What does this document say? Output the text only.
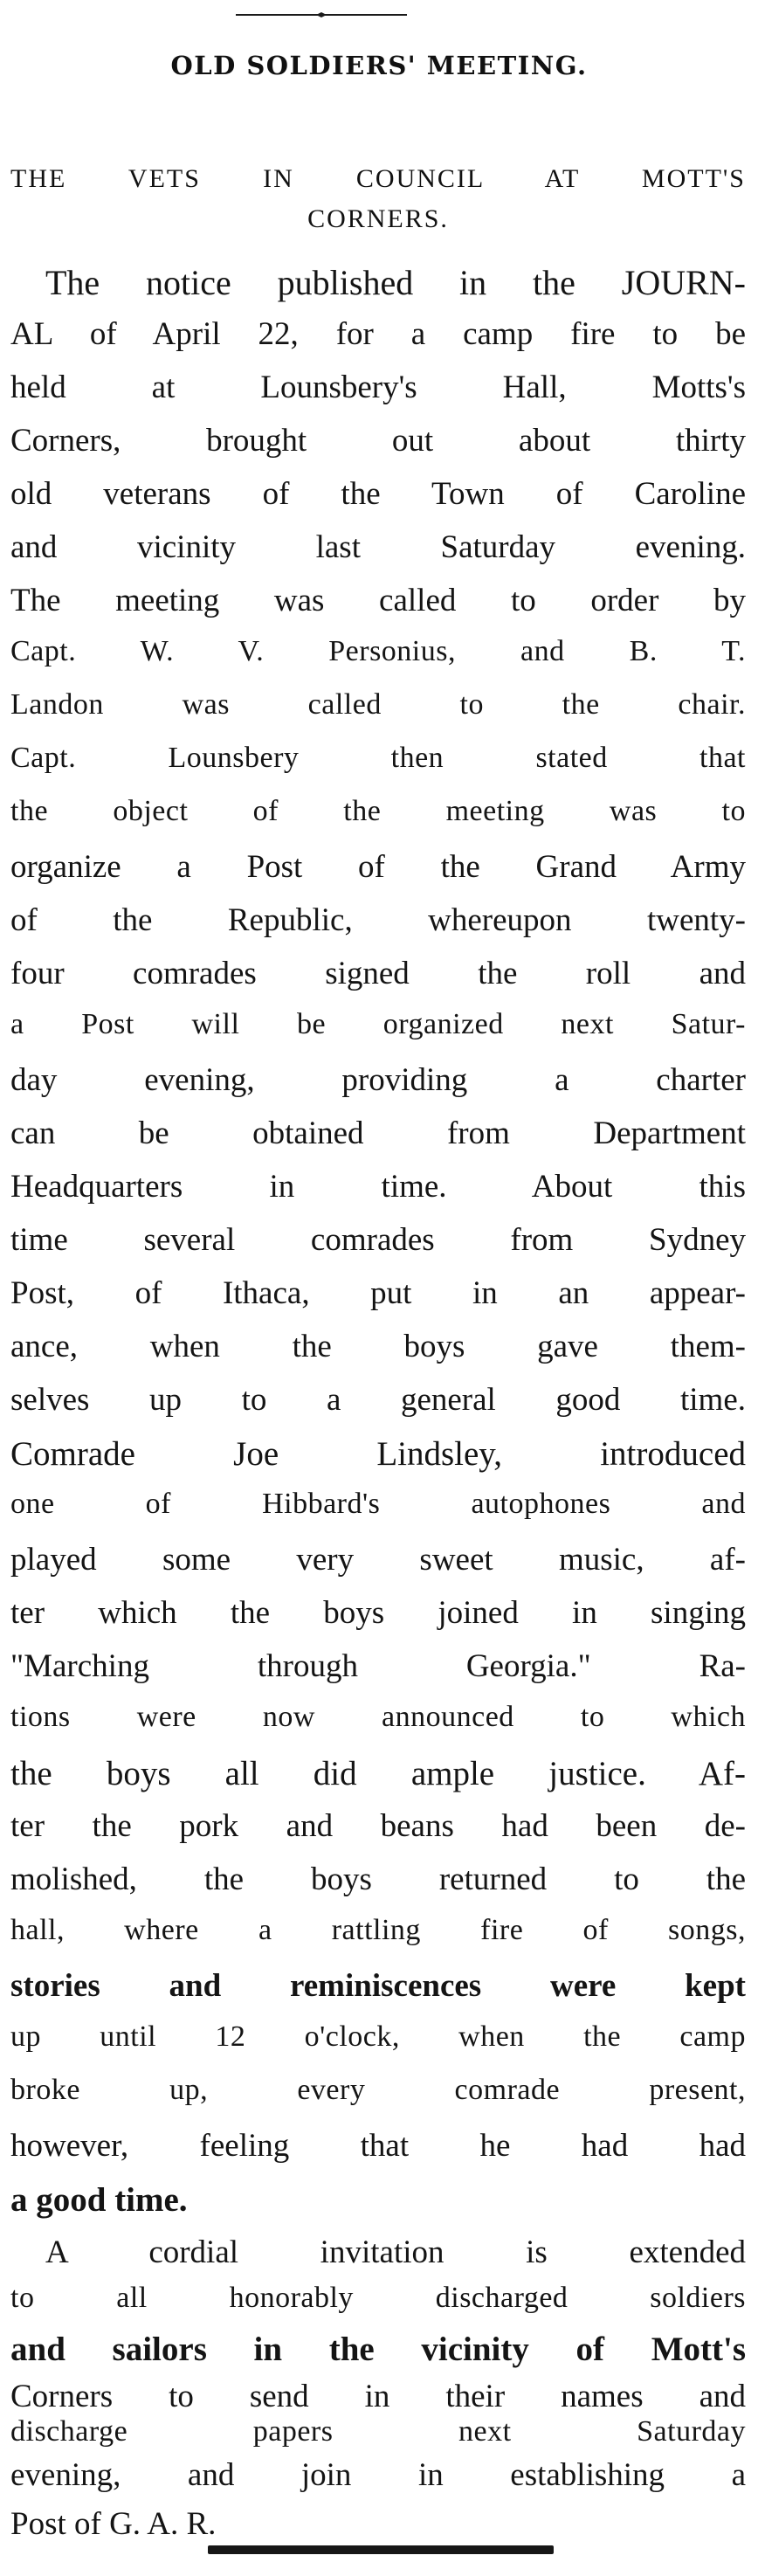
OLD SOLDIERS' MEETING.
THE VETS IN COUNCIL AT MOTT'S
CORNERS.
The notice published in the JOURN-
AL of April 22, for a camp fire to be
held at Lounsbery's Hall, Motts's
Corners, brought out about thirty
old veterans of the Town of Caroline
and vicinity last Saturday evening.
The meeting was called to order by
Capt. W. V. Personius, and B. T.
Landon was called to the chair.
Capt. Lounsbery then stated that
the object of the meeting was to
organize a Post of the Grand Army
of the Republic, whereupon twenty-
four comrades signed the roll and
a Post will be organized next Satur-
day evening, providing a charter
can be obtained from Department
Headquarters in time. About this
time several comrades from Sydney
Post, of Ithaca, put in an appear-
ance, when the boys gave them-
selves up to a general good time.
Comrade Joe Lindsley, introduced
one of Hibbard's autophones and
played some very sweet music, af-
ter which the boys joined in singing
"Marching through Georgia." Ra-
tions were now announced to which
the boys all did ample justice. Af-
ter the pork and beans had been de-
molished, the boys returned to the
hall, where a rattling fire of songs,
stories and reminiscences were kept
up until 12 o'clock, when the camp
broke up, every comrade present,
however, feeling that he had had
a good time.
A cordial invitation is extended
to all honorably discharged soldiers
and sailors in the vicinity of Mott's
Corners to send in their names and
discharge papers next Saturday
evening, and join in establishing a
Post of G. A. R.
